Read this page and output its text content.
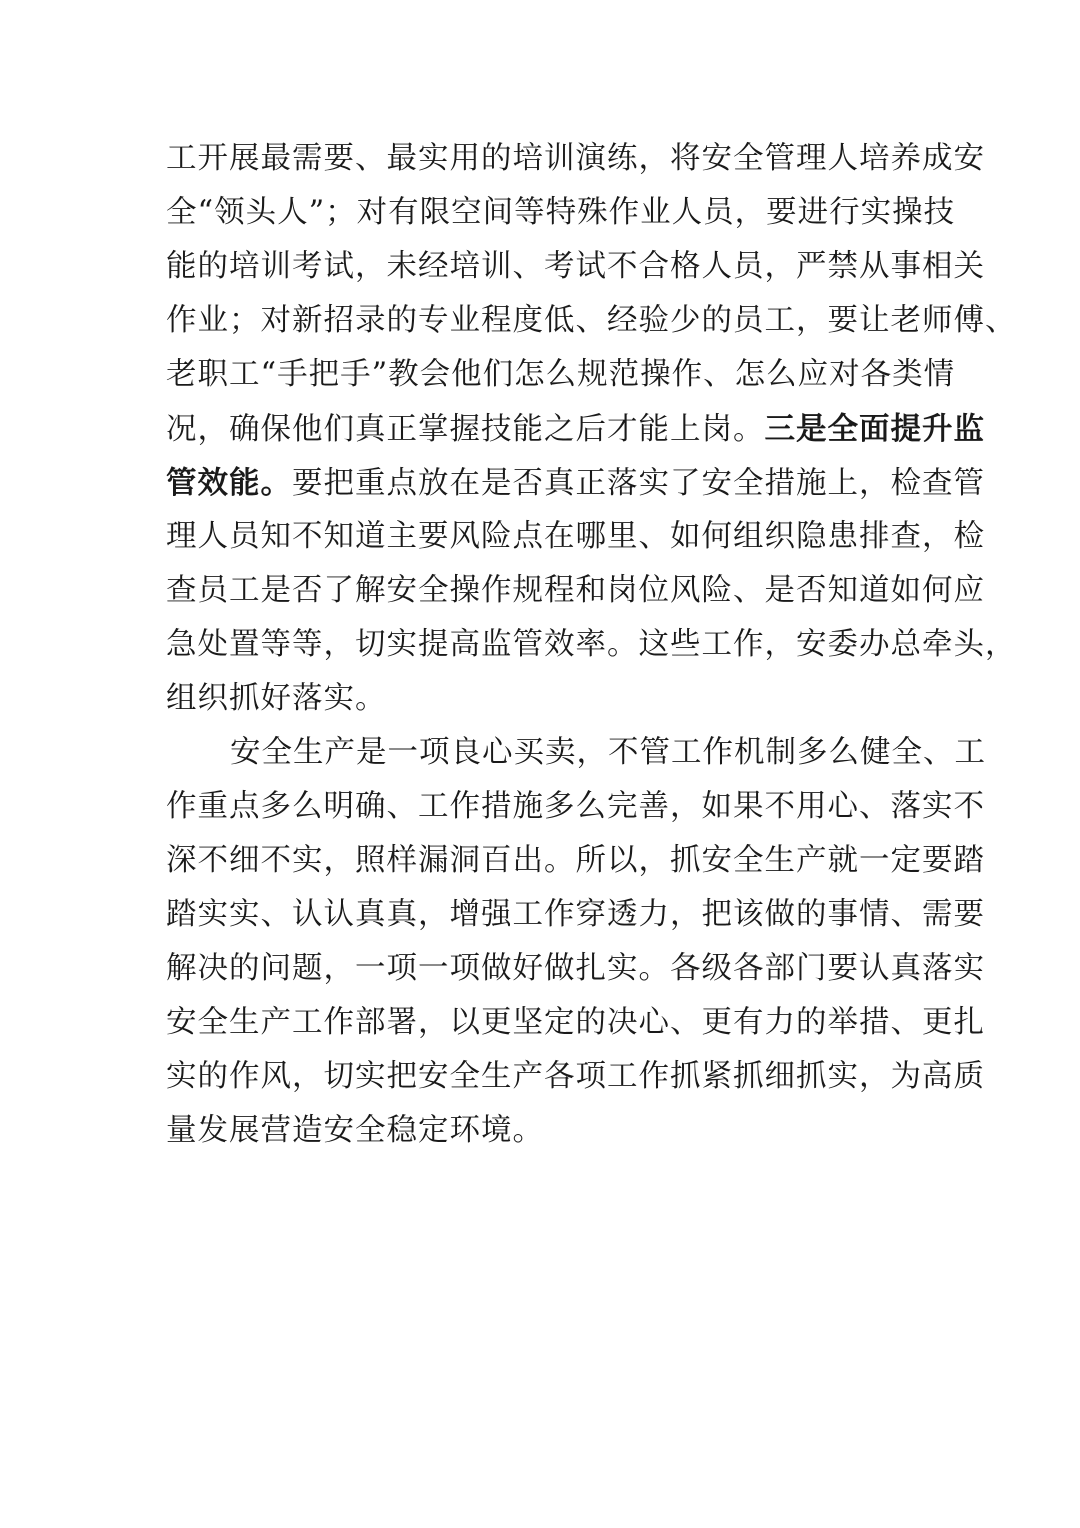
工开展最需要、最实用的培训演练，将安全管理人培养成安
全“领头人”；对有限空间等特殊作业人员，要进行实操技
能的培训考试，未经培训、考试不合格人员，严禁从事相关
作业；对新招录的专业程度低、经验少的员工，要让老师傅、
老职工“手把手”教会他们怎么规范操作、怎么应对各类情
况，确保他们真正掌握技能之后才能上岗。三是全面提升监
管效能。要把重点放在是否真正落实了安全措施上，检查管
理人员知不知道主要风险点在哪里、如何组织隐患排查，检
查员工是否了解安全操作规程和岗位风险、是否知道如何应
急处置等等，切实提高监管效率。这些工作，安委办总牵头，
组织抓好落实。
安全生产是一项良心买卖，不管工作机制多么健全、工
作重点多么明确、工作措施多么完善，如果不用心、落实不
深不细不实，照样漏洞百出。所以，抓安全生产就一定要踏
踏实实、认认真真，增强工作穿透力，把该做的事情、需要
解决的问题，一项一项做好做扎实。各级各部门要认真落实
安全生产工作部署，以更坚定的决心、更有力的举措、更扎
实的作风，切实把安全生产各项工作抓紧抓细抓实，为高质
量发展营造安全稳定环境。
